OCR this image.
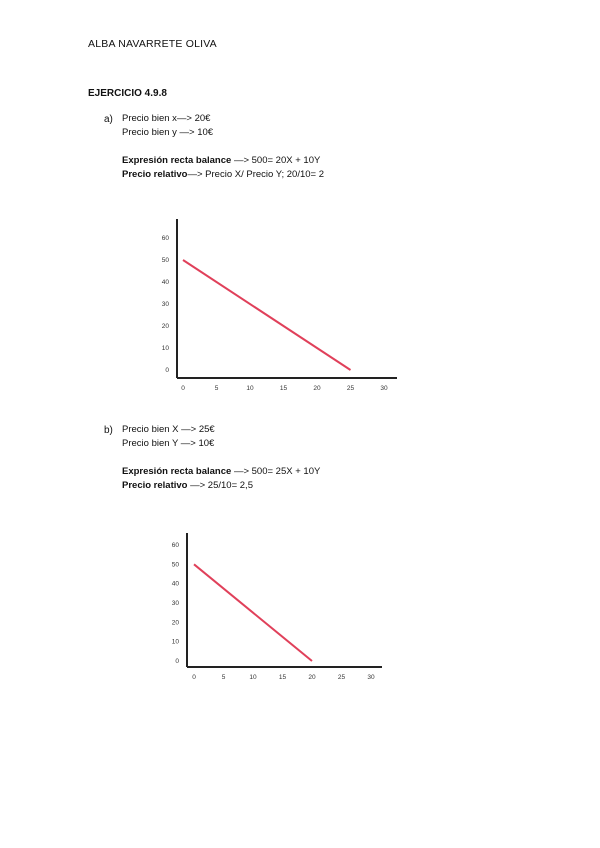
ALBA NAVARRETE OLIVA
EJERCICIO 4.9.8
a) Precio bien x—> 20€
Precio bien y —> 10€
Expresión recta balance —> 500= 20X + 10Y
Precio relativo—> Precio X/ Precio Y; 20/10= 2
0
10
20
30
40
50
60
0	5	10	15	20	25	30
b) Precio bien X —> 25€
Precio bien Y —> 10€
Expresión recta balance —> 500= 25X + 10Y
Precio relativo —> 25/10= 2,5
0
10
20
30
40
50
60
0	5	10	15	20	25	30
